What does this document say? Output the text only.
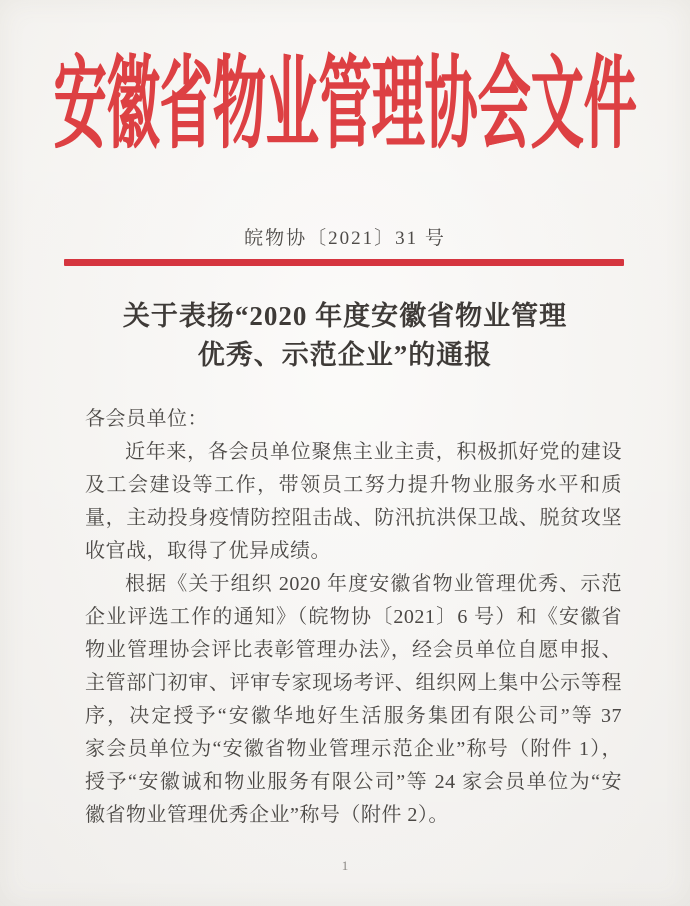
安徽省物业管理协会文件
皖物协〔2021〕31 号
关于表扬“2020 年度安徽省物业管理
优秀、示范企业”的通报
各会员单位：
近年来，各会员单位聚焦主业主责，积极抓好党的建设
及工会建设等工作，带领员工努力提升物业服务水平和质
量，主动投身疫情防控阻击战、防汛抗洪保卫战、脱贫攻坚
收官战，取得了优异成绩。
根据《关于组织 2020 年度安徽省物业管理优秀、示范
企业评选工作的通知》（皖物协〔2021〕6 号）和《安徽省
物业管理协会评比表彰管理办法》，经会员单位自愿申报、
主管部门初审、评审专家现场考评、组织网上集中公示等程
序，决定授予“安徽华地好生活服务集团有限公司”等 37
家会员单位为“安徽省物业管理示范企业”称号（附件 1），
授予“安徽诚和物业服务有限公司”等 24 家会员单位为“安
徽省物业管理优秀企业”称号（附件 2）。
1
